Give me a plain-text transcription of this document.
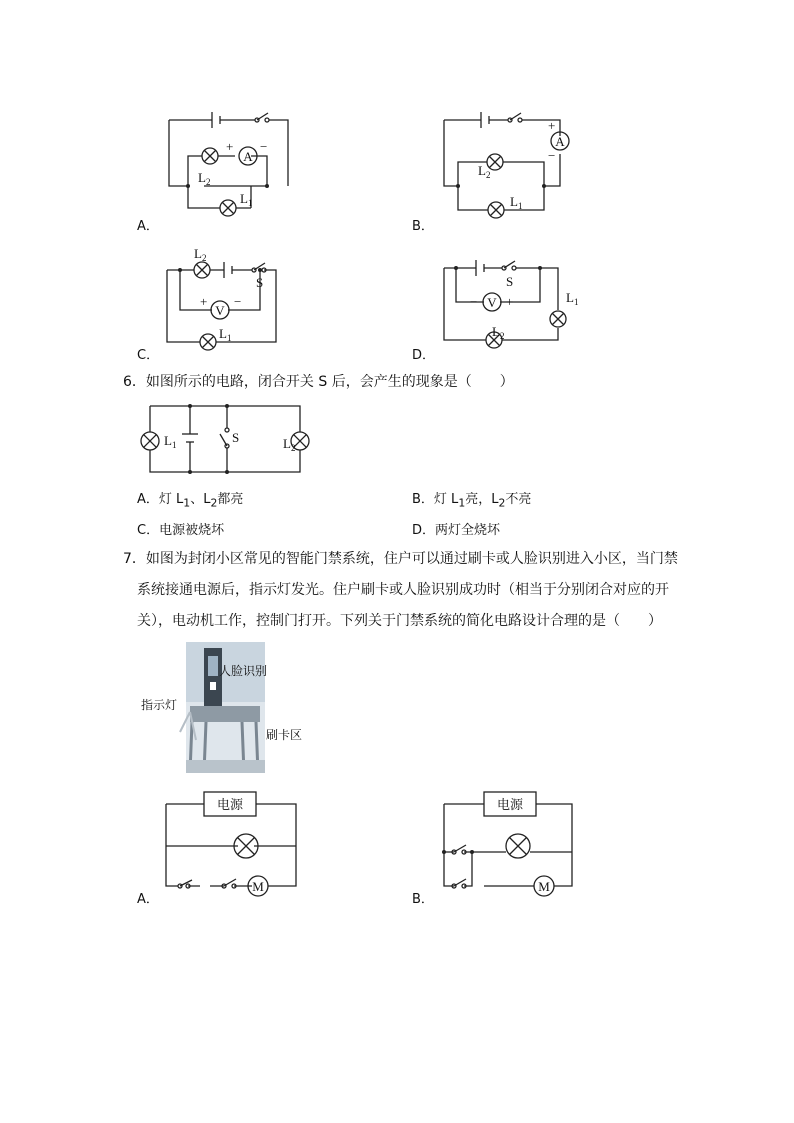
A
+ −
L 2
L 1
A．
A
+
−
L 2
L 1
B．
V
+ −
L 2
S
L 1
C．
V
− +
S
L 1
L 2
D．
6．如图所示的电路，闭合开关 S 后，会产生的现象是（　　）
L 1	S	L 2
A．灯 $L_1$、$L_2$都亮	B．灯 $L_1$亮，$L_2$不亮
C．电源被烧坏	D．两灯全烧坏
7．如图为封闭小区常见的智能门禁系统，住户可以通过刷卡或人脸识别进入小区，当门禁
系统接通电源后，指示灯发光。住户刷卡或人脸识别成功时（相当于分别闭合对应的开
关），电动机工作，控制门打开。下列关于门禁系统的简化电路设计合理的是（　　）
人脸识别
指示灯
刷卡区
电源
M
A．
电源
M
B．
